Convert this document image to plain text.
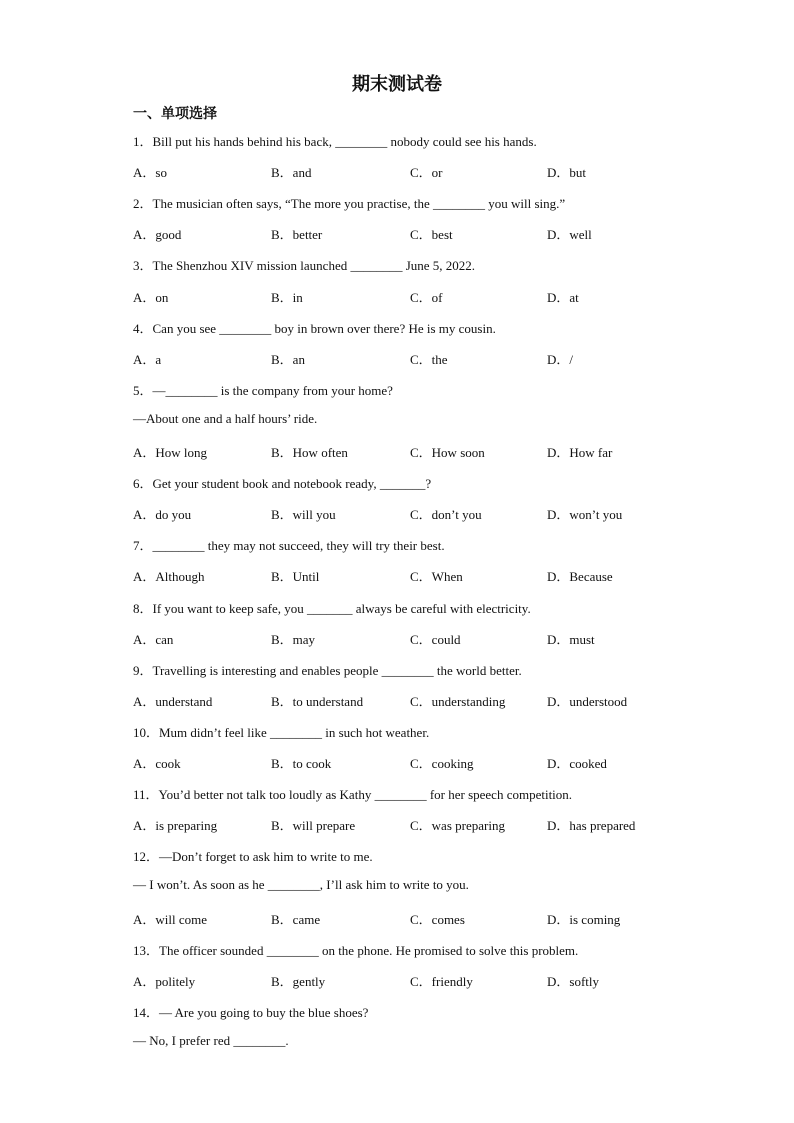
期末测试卷
一、单项选择
1．Bill put his hands behind his back, ________ nobody could see his hands.
A．so	B．and	C．or	D．but
2．The musician often says, “The more you practise, the ________ you will sing.”
A．good	B．better	C．best	D．well
3．The Shenzhou XIV mission launched ________ June 5, 2022.
A．on	B．in	C．of	D．at
4．Can you see ________ boy in brown over there? He is my cousin.
A．a	B．an	C．the	D．/
5．—________ is the company from your home?
—About one and a half hours’ ride.
A．How long	B．How often	C．How soon	D．How far
6．Get your student book and notebook ready, _______?
A．do you	B．will you	C．don’t you	D．won’t you
7．________ they may not succeed, they will try their best.
A．Although	B．Until	C．When	D．Because
8．If you want to keep safe, you _______ always be careful with electricity.
A．can	B．may	C．could	D．must
9．Travelling is interesting and enables people ________ the world better.
A．understand	B．to understand	C．understanding	D．understood
10．Mum didn’t feel like ________ in such hot weather.
A．cook	B．to cook	C．cooking	D．cooked
11．You’d better not talk too loudly as Kathy ________ for her speech competition.
A．is preparing	B．will prepare	C．was preparing	D．has prepared
12．—Don’t forget to ask him to write to me.
— I won’t. As soon as he ________, I’ll ask him to write to you.
A．will come	B．came	C．comes	D．is coming
13．The officer sounded ________ on the phone. He promised to solve this problem.
A．politely	B．gently	C．friendly	D．softly
14．— Are you going to buy the blue shoes?
— No, I prefer red ________.
